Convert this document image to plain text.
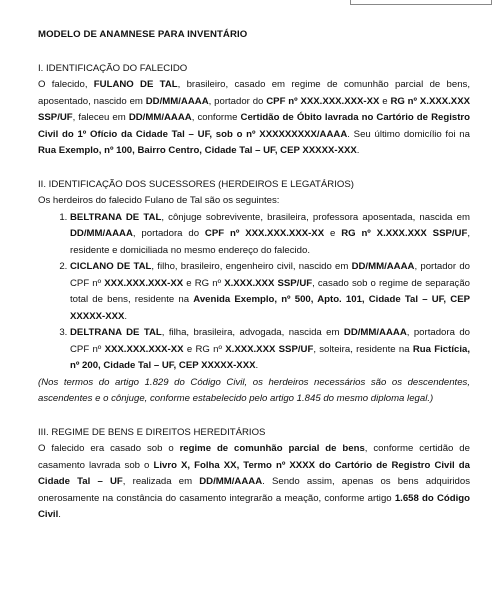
MODELO DE ANAMNESE PARA INVENTÁRIO
I. IDENTIFICAÇÃO DO FALECIDO

O falecido, FULANO DE TAL, brasileiro, casado em regime de comunhão parcial de bens, aposentado, nascido em DD/MM/AAAA, portador do CPF nº XXX.XXX.XXX-XX e RG nº X.XXX.XXX SSP/UF, faleceu em DD/MM/AAAA, conforme Certidão de Óbito lavrada no Cartório de Registro Civil do 1º Ofício da Cidade Tal – UF, sob o nº XXXXXXXXX/AAAA. Seu último domicílio foi na Rua Exemplo, nº 100, Bairro Centro, Cidade Tal – UF, CEP XXXXX-XXX.

II. IDENTIFICAÇÃO DOS SUCESSORES (HERDEIROS E LEGATÁRIOS)

Os herdeiros do falecido Fulano de Tal são os seguintes:

1. BELTRANA DE TAL, cônjuge sobrevivente, brasileira, professora aposentada, nascida em DD/MM/AAAA, portadora do CPF nº XXX.XXX.XXX-XX e RG nº X.XXX.XXX SSP/UF, residente e domiciliada no mesmo endereço do falecido.
2. CICLANO DE TAL, filho, brasileiro, engenheiro civil, nascido em DD/MM/AAAA, portador do CPF nº XXX.XXX.XXX-XX e RG nº X.XXX.XXX SSP/UF, casado sob o regime de separação total de bens, residente na Avenida Exemplo, nº 500, Apto. 101, Cidade Tal – UF, CEP XXXXX-XXX.
3. DELTRANA DE TAL, filha, brasileira, advogada, nascida em DD/MM/AAAA, portadora do CPF nº XXX.XXX.XXX-XX e RG nº X.XXX.XXX SSP/UF, solteira, residente na Rua Fictícia, nº 200, Cidade Tal – UF, CEP XXXXX-XXX.

(Nos termos do artigo 1.829 do Código Civil, os herdeiros necessários são os descendentes, ascendentes e o cônjuge, conforme estabelecido pelo artigo 1.845 do mesmo diploma legal.)

III. REGIME DE BENS E DIREITOS HEREDITÁRIOS

O falecido era casado sob o regime de comunhão parcial de bens, conforme certidão de casamento lavrada sob o Livro X, Folha XX, Termo nº XXXX do Cartório de Registro Civil da Cidade Tal – UF, realizada em DD/MM/AAAA. Sendo assim, apenas os bens adquiridos onerosamente na constância do casamento integrarão a meação, conforme artigo 1.658 do Código Civil.
